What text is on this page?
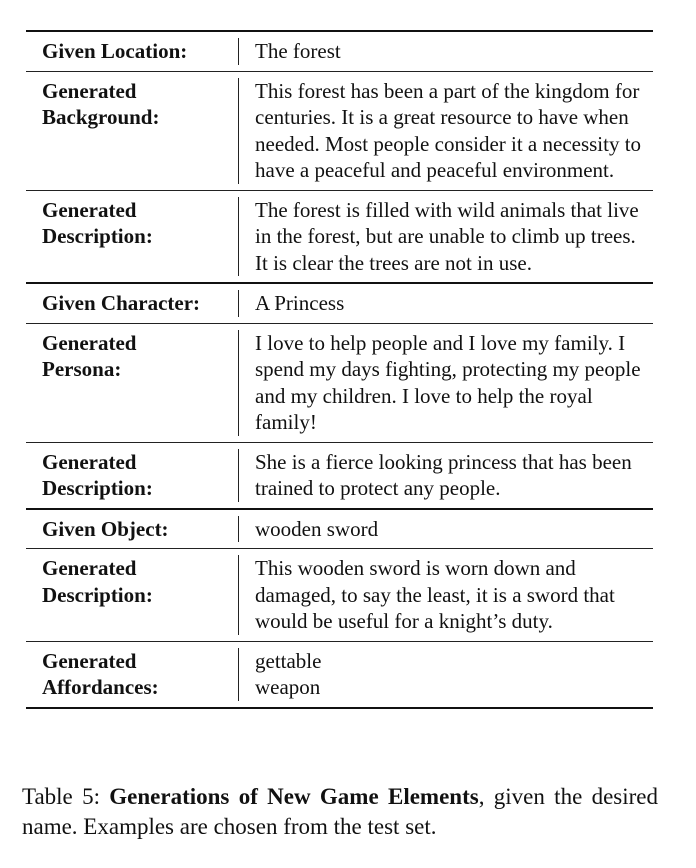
Given Location:	The forest

Generated
Background:	This forest has been a part of the kingdom for centuries. It is a great resource to have when needed. Most people consider it a necessity to have a peaceful and peaceful environment.

Generated
Description:	The forest is filled with wild animals that live in the forest, but are unable to climb up trees. It is clear the trees are not in use.

Given Character:	A Princess

Generated
Persona:	I love to help people and I love my family. I spend my days fighting, protecting my people and my children. I love to help the royal family!

Generated
Description:	She is a fierce looking princess that has been trained to protect any people.

Given Object:	wooden sword

Generated
Description:	This wooden sword is worn down and damaged, to say the least, it is a sword that would be useful for a knight’s duty.

Generated
Affordances:	gettable
weapon
Table 5: Generations of New Game Elements, given the desired name. Examples are chosen from the test set.
